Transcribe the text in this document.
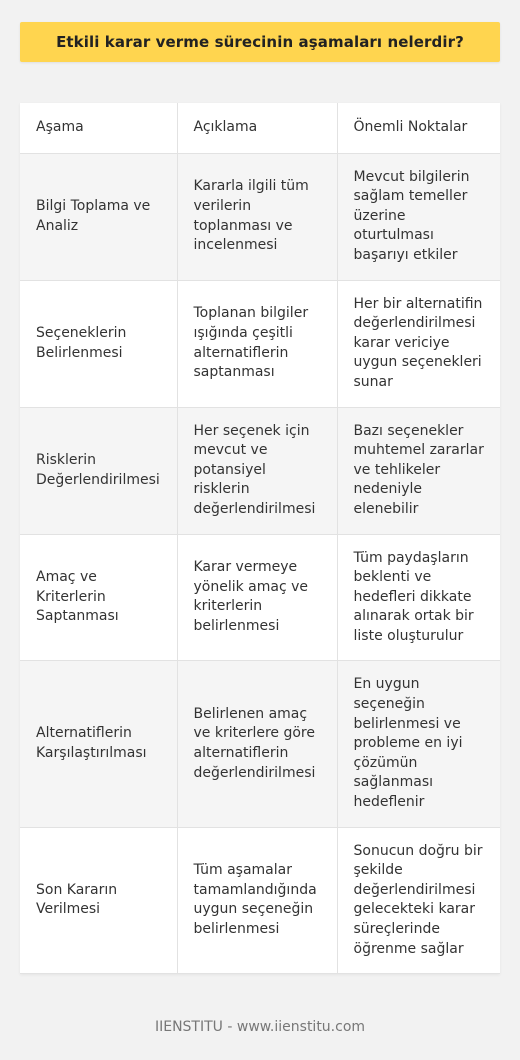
Etkili karar verme sürecinin aşamaları nelerdir?
Aşama	Açıklama	Önemli Noktalar
Bilgi Toplama ve Analiz	Kararla ilgili tüm verilerin toplanması ve incelenmesi	Mevcut bilgilerin sağlam temeller üzerine oturtulması başarıyı etkiler
Seçeneklerin Belirlenmesi	Toplanan bilgiler ışığında çeşitli alternatiflerin saptanması	Her bir alternatifin değerlendirilmesi karar vericiye uygun seçenekleri sunar
Risklerin Değerlendirilmesi	Her seçenek için mevcut ve potansiyel risklerin değerlendirilmesi	Bazı seçenekler muhtemel zararlar ve tehlikeler nedeniyle elenebilir
Amaç ve Kriterlerin Saptanması	Karar vermeye yönelik amaç ve kriterlerin belirlenmesi	Tüm paydaşların beklenti ve hedefleri dikkate alınarak ortak bir liste oluşturulur
Alternatiflerin Karşılaştırılması	Belirlenen amaç ve kriterlere göre alternatiflerin değerlendirilmesi	En uygun seçeneğin belirlenmesi ve probleme en iyi çözümün sağlanması hedeflenir
Son Kararın Verilmesi	Tüm aşamalar tamamlandığında uygun seçeneğin belirlenmesi	Sonucun doğru bir şekilde değerlendirilmesi gelecekteki karar süreçlerinde öğrenme sağlar
IIENSTITU - www.iienstitu.com
